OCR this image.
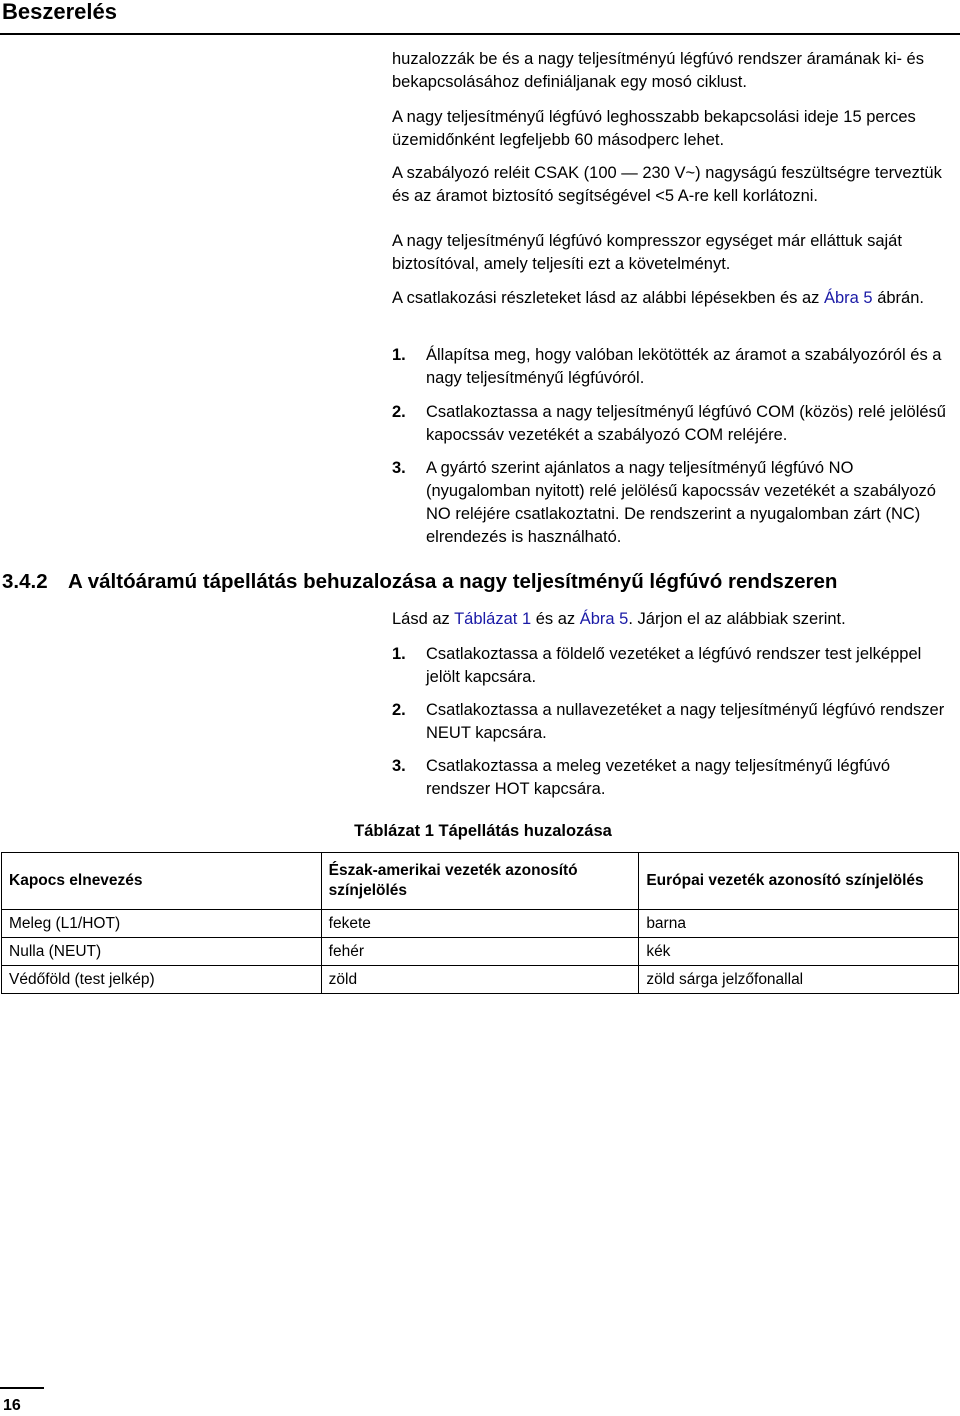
Beszerelés

huzalozzák be és a nagy teljesítményú légfúvó rendszer áramának ki- és bekapcsolásához definiáljanak egy mosó ciklust.

A nagy teljesítményű légfúvó leghosszabb bekapcsolási ideje 15 perces üzemidőnként legfeljebb 60 másodperc lehet.

A szabályozó reléit CSAK (100 — 230 V~) nagyságú feszültségre terveztük és az áramot biztosító segítségével <5 A-re kell korlátozni.

A nagy teljesítményű légfúvó kompresszor egységet már elláttuk saját biztosítóval, amely teljesíti ezt a követelményt.

A csatlakozási részleteket lásd az alábbi lépésekben és az Ábra 5 ábrán.

1. Állapítsa meg, hogy valóban lekötötték az áramot a szabályozóról és a nagy teljesítményű légfúvóról.
2. Csatlakoztassa a nagy teljesítményű légfúvó COM (közös) relé jelölésű kapocssáv vezetékét a szabályozó COM reléjére.
3. A gyártó szerint ajánlatos a nagy teljesítményű légfúvó NO (nyugalomban nyitott) relé jelölésű kapocssáv vezetékét a szabályozó NO reléjére csatlakoztatni. De rendszerint a nyugalomban zárt (NC) elrendezés is használható.
3.4.2 A váltóáramú tápellátás behuzalozása a nagy teljesítményű légfúvó rendszeren

Lásd az Táblázat 1 és az Ábra 5. Járjon el az alábbiak szerint.

1. Csatlakoztassa a földelő vezetéket a légfúvó rendszer test jelképpel jelölt kapcsára.
2. Csatlakoztassa a nullavezetéket a nagy teljesítményű légfúvó rendszer NEUT kapcsára.
3. Csatlakoztassa a meleg vezetéket a nagy teljesítményű légfúvó rendszer HOT kapcsára.
Táblázat 1 Tápellátás huzalozása
Kapocs elnevezés	Észak-amerikai vezeték azonosító színjelölés	Európai vezeték azonosító színjelölés
Meleg (L1/HOT)	fekete	barna
Nulla (NEUT)	fehér	kék
Védőföld (test jelkép)	zöld	zöld sárga jelzőfonallal
16
